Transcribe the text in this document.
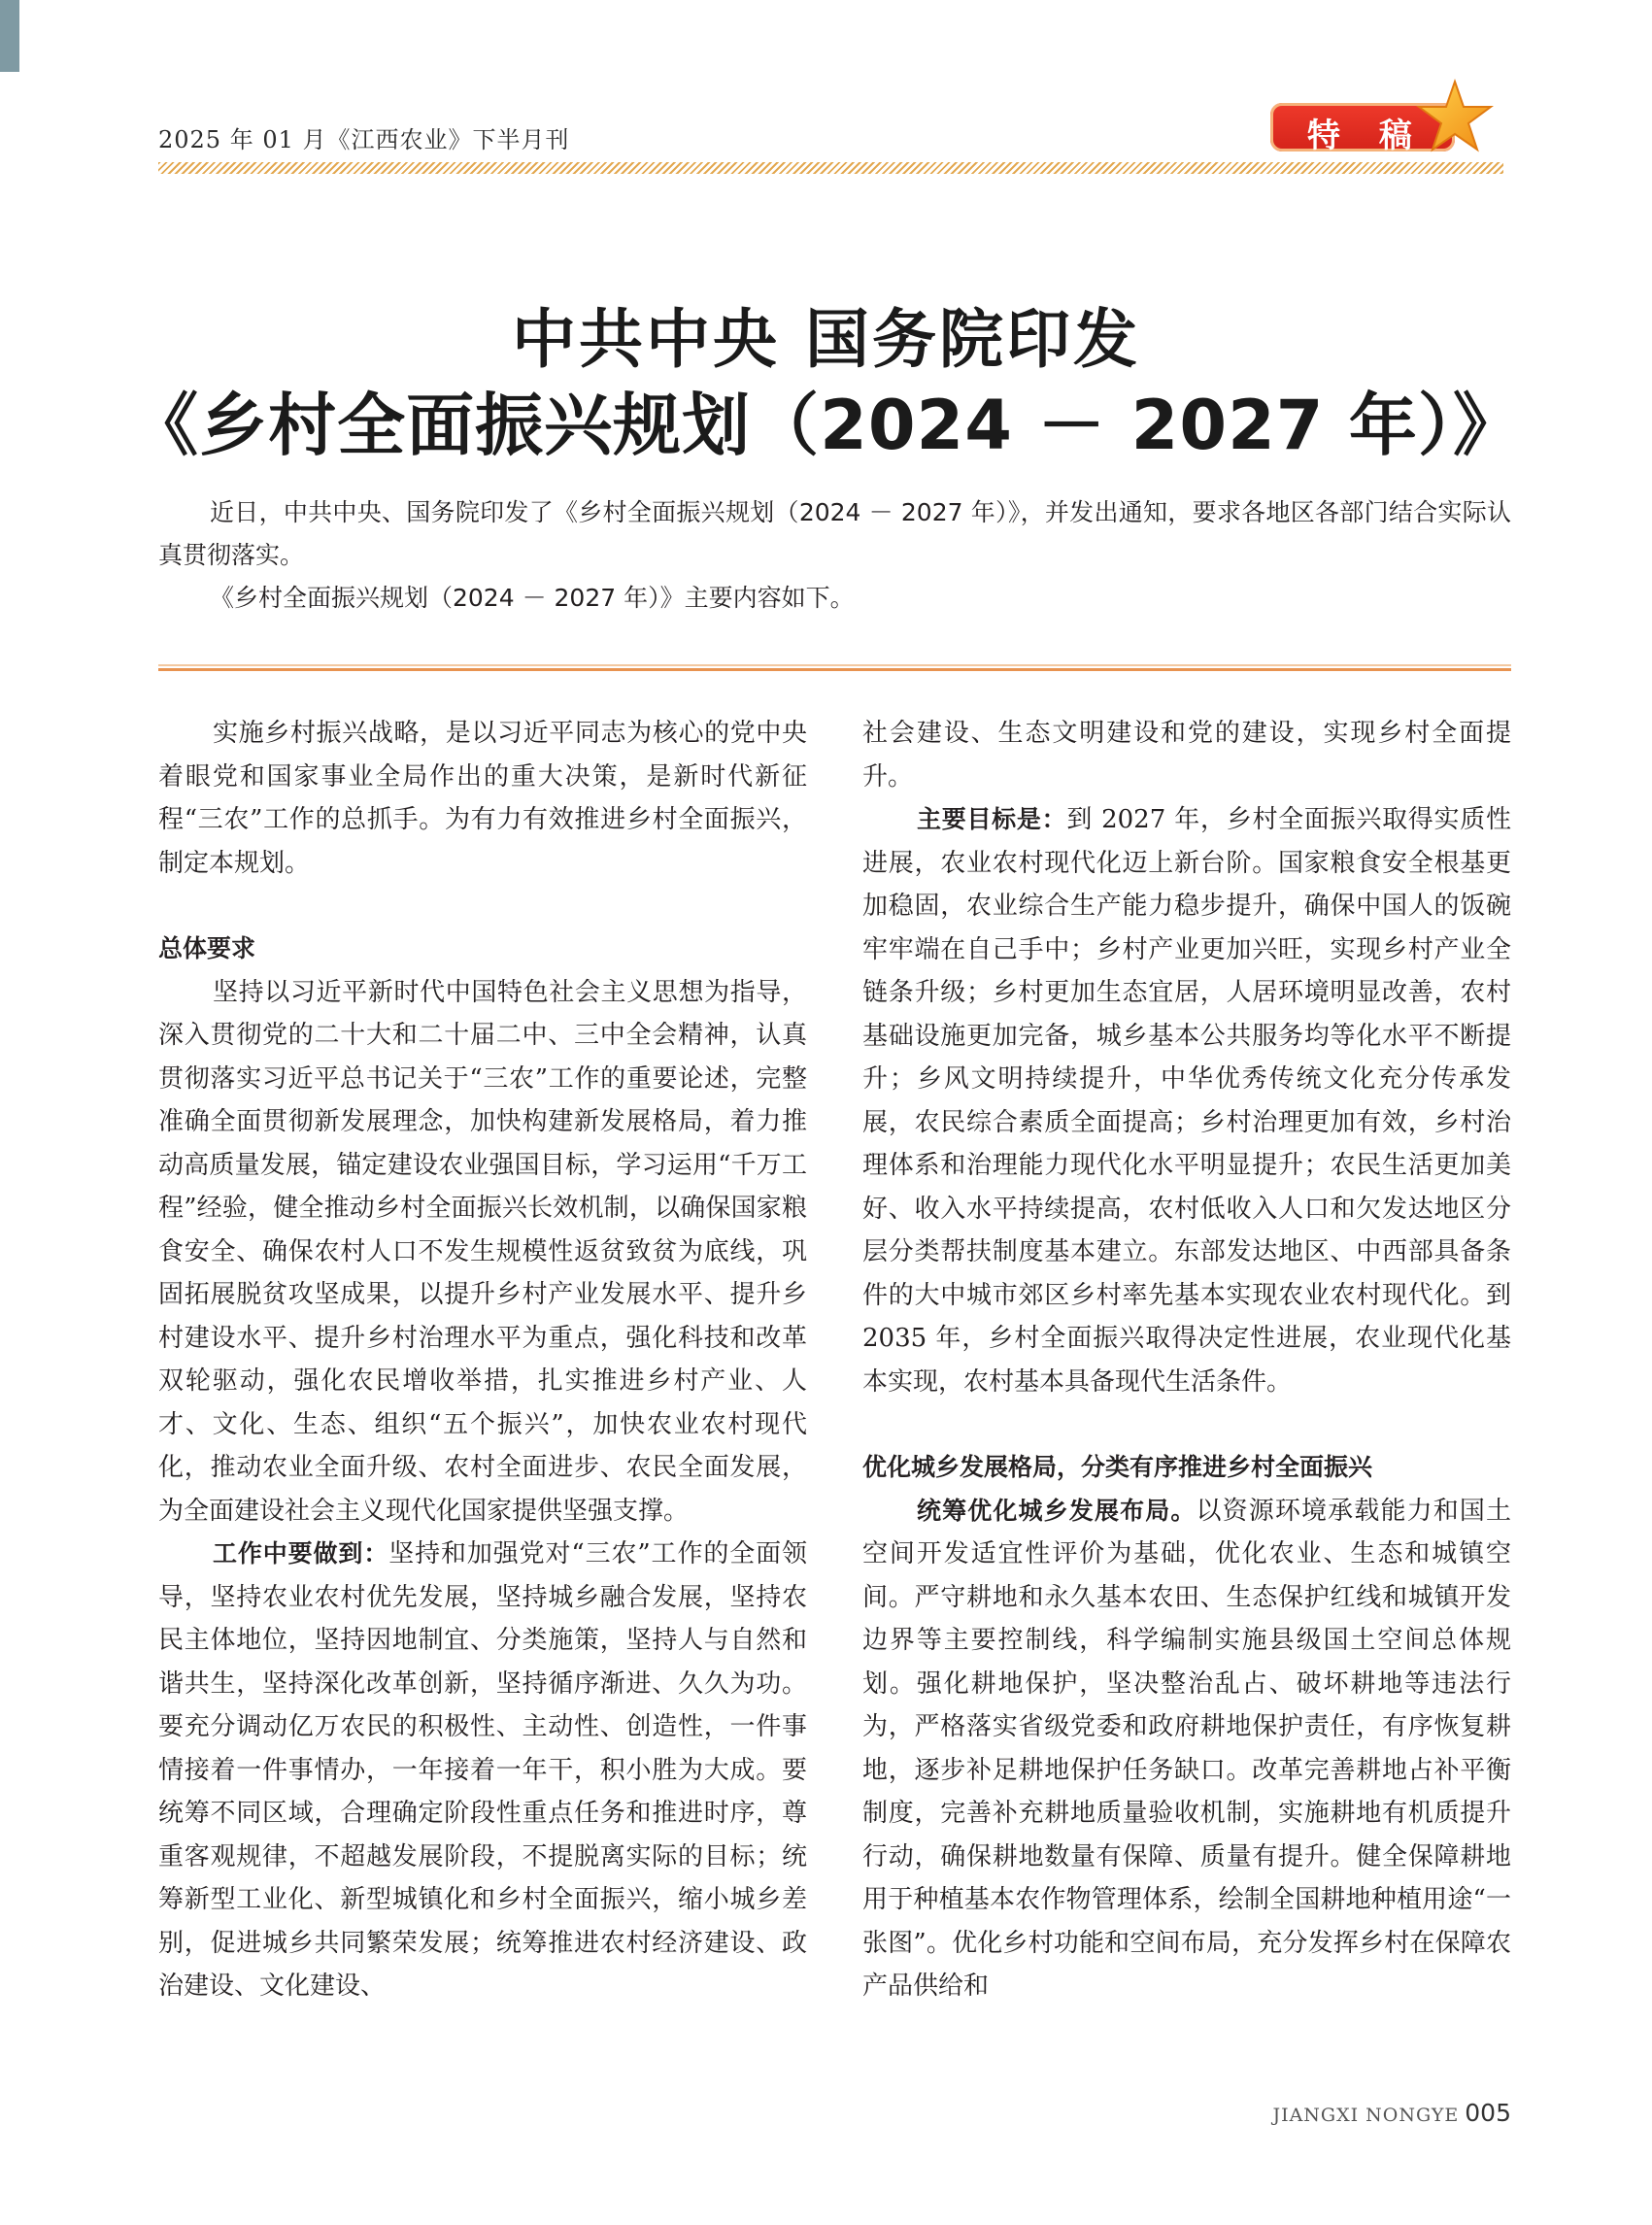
2025 年 01 月《江西农业》下半月刊	特 稿
中共中央 国务院印发
《乡村全面振兴规划（2024 － 2027 年）》

近日，中共中央、国务院印发了《乡村全面振兴规划（2024 － 2027 年）》，并发出通知，要求各地区各部门结合实际认真贯彻落实。

《乡村全面振兴规划（2024 － 2027 年）》主要内容如下。

实施乡村振兴战略，是以习近平同志为核心的党中央着眼党和国家事业全局作出的重大决策，是新时代新征程“三农”工作的总抓手。为有力有效推进乡村全面振兴，制定本规划。

总体要求

坚持以习近平新时代中国特色社会主义思想为指导，深入贯彻党的二十大和二十届二中、三中全会精神，认真贯彻落实习近平总书记关于“三农”工作的重要论述，完整准确全面贯彻新发展理念，加快构建新发展格局，着力推动高质量发展，锚定建设农业强国目标，学习运用“千万工程”经验，健全推动乡村全面振兴长效机制，以确保国家粮食安全、确保农村人口不发生规模性返贫致贫为底线，巩固拓展脱贫攻坚成果，以提升乡村产业发展水平、提升乡村建设水平、提升乡村治理水平为重点，强化科技和改革双轮驱动，强化农民增收举措，扎实推进乡村产业、人才、文化、生态、组织“五个振兴”，加快农业农村现代化，推动农业全面升级、农村全面进步、农民全面发展，为全面建设社会主义现代化国家提供坚强支撑。

工作中要做到：坚持和加强党对“三农”工作的全面领导，坚持农业农村优先发展，坚持城乡融合发展，坚持农民主体地位，坚持因地制宜、分类施策，坚持人与自然和谐共生，坚持深化改革创新，坚持循序渐进、久久为功。要充分调动亿万农民的积极性、主动性、创造性，一件事情接着一件事情办，一年接着一年干，积小胜为大成。要统筹不同区域，合理确定阶段性重点任务和推进时序，尊重客观规律，不超越发展阶段，不提脱离实际的目标；统筹新型工业化、新型城镇化和乡村全面振兴，缩小城乡差别，促进城乡共同繁荣发展；统筹推进农村经济建设、政治建设、文化建设、

社会建设、生态文明建设和党的建设，实现乡村全面提升。

主要目标是：到 2027 年，乡村全面振兴取得实质性进展，农业农村现代化迈上新台阶。国家粮食安全根基更加稳固，农业综合生产能力稳步提升，确保中国人的饭碗牢牢端在自己手中；乡村产业更加兴旺，实现乡村产业全链条升级；乡村更加生态宜居，人居环境明显改善，农村基础设施更加完备，城乡基本公共服务均等化水平不断提升；乡风文明持续提升，中华优秀传统文化充分传承发展，农民综合素质全面提高；乡村治理更加有效，乡村治理体系和治理能力现代化水平明显提升；农民生活更加美好、收入水平持续提高，农村低收入人口和欠发达地区分层分类帮扶制度基本建立。东部发达地区、中西部具备条件的大中城市郊区乡村率先基本实现农业农村现代化。到 2035 年，乡村全面振兴取得决定性进展，农业现代化基本实现，农村基本具备现代生活条件。

优化城乡发展格局，分类有序推进乡村全面振兴

统筹优化城乡发展布局。以资源环境承载能力和国土空间开发适宜性评价为基础，优化农业、生态和城镇空间。严守耕地和永久基本农田、生态保护红线和城镇开发边界等主要控制线，科学编制实施县级国土空间总体规划。强化耕地保护，坚决整治乱占、破坏耕地等违法行为，严格落实省级党委和政府耕地保护责任，有序恢复耕地，逐步补足耕地保护任务缺口。改革完善耕地占补平衡制度，完善补充耕地质量验收机制，实施耕地有机质提升行动，确保耕地数量有保障、质量有提升。健全保障耕地用于种植基本农作物管理体系，绘制全国耕地种植用途“一张图”。优化乡村功能和空间布局，充分发挥乡村在保障农产品供给和

JIANGXI NONGYE 005
